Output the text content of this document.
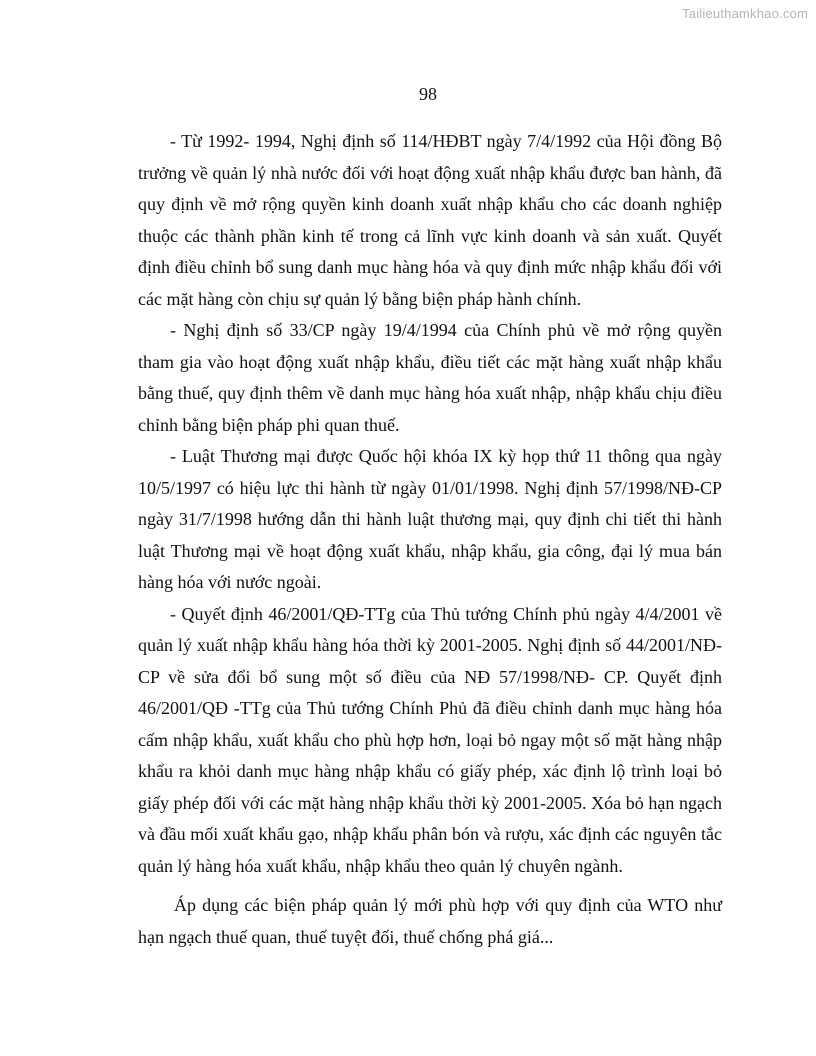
Tailieuthamkhao.com
98

- Từ 1992- 1994, Nghị định số 114/HĐBT ngày 7/4/1992 của Hội đồng Bộ trưởng về quản lý nhà nước đối với hoạt động xuất nhập khẩu được ban hành, đã quy định về mở rộng quyền kinh doanh xuất nhập khẩu cho các doanh nghiệp thuộc các thành phần kinh tế trong cả lĩnh vực kinh doanh và sản xuất. Quyết định điều chỉnh bổ sung danh mục hàng hóa và quy định mức nhập khẩu đối với các mặt hàng còn chịu sự quản lý bằng biện pháp hành chính.

- Nghị định số 33/CP ngày 19/4/1994 của Chính phủ về mở rộng quyền tham gia vào hoạt động xuất nhập khẩu, điều tiết các mặt hàng xuất nhập khẩu bằng thuế, quy định thêm về danh mục hàng hóa xuất nhập, nhập khẩu chịu điều chỉnh bằng biện pháp phi quan thuế.

- Luật Thương mại được Quốc hội khóa IX kỳ họp thứ 11 thông qua ngày 10/5/1997 có hiệu lực thi hành từ ngày 01/01/1998. Nghị định 57/1998/NĐ-CP ngày 31/7/1998 hướng dẫn thi hành luật thương mại, quy định chi tiết thi hành luật Thương mại về hoạt động xuất khẩu, nhập khẩu, gia công, đại lý mua bán hàng hóa với nước ngoài.

- Quyết định 46/2001/QĐ-TTg của Thủ tướng Chính phủ ngày 4/4/2001 về quản lý xuất nhập khẩu hàng hóa thời kỳ 2001-2005. Nghị định số 44/2001/NĐ- CP về sửa đổi bổ sung một số điều của NĐ 57/1998/NĐ- CP. Quyết định 46/2001/QĐ -TTg của Thủ tướng Chính Phủ đã điều chỉnh danh mục hàng hóa cấm nhập khẩu, xuất khẩu cho phù hợp hơn, loại bỏ ngay một số mặt hàng nhập khẩu ra khỏi danh mục hàng nhập khẩu có giấy phép, xác định lộ trình loại bỏ giấy phép đối với các mặt hàng nhập khẩu thời kỳ 2001-2005. Xóa bỏ hạn ngạch và đầu mối xuất khẩu gạo, nhập khẩu phân bón và rượu, xác định các nguyên tắc quản lý hàng hóa xuất khẩu, nhập khẩu theo quản lý chuyên ngành.

Áp dụng các biện pháp quản lý mới phù hợp với quy định của WTO như hạn ngạch thuế quan, thuế tuyệt đối, thuế chống phá giá...
